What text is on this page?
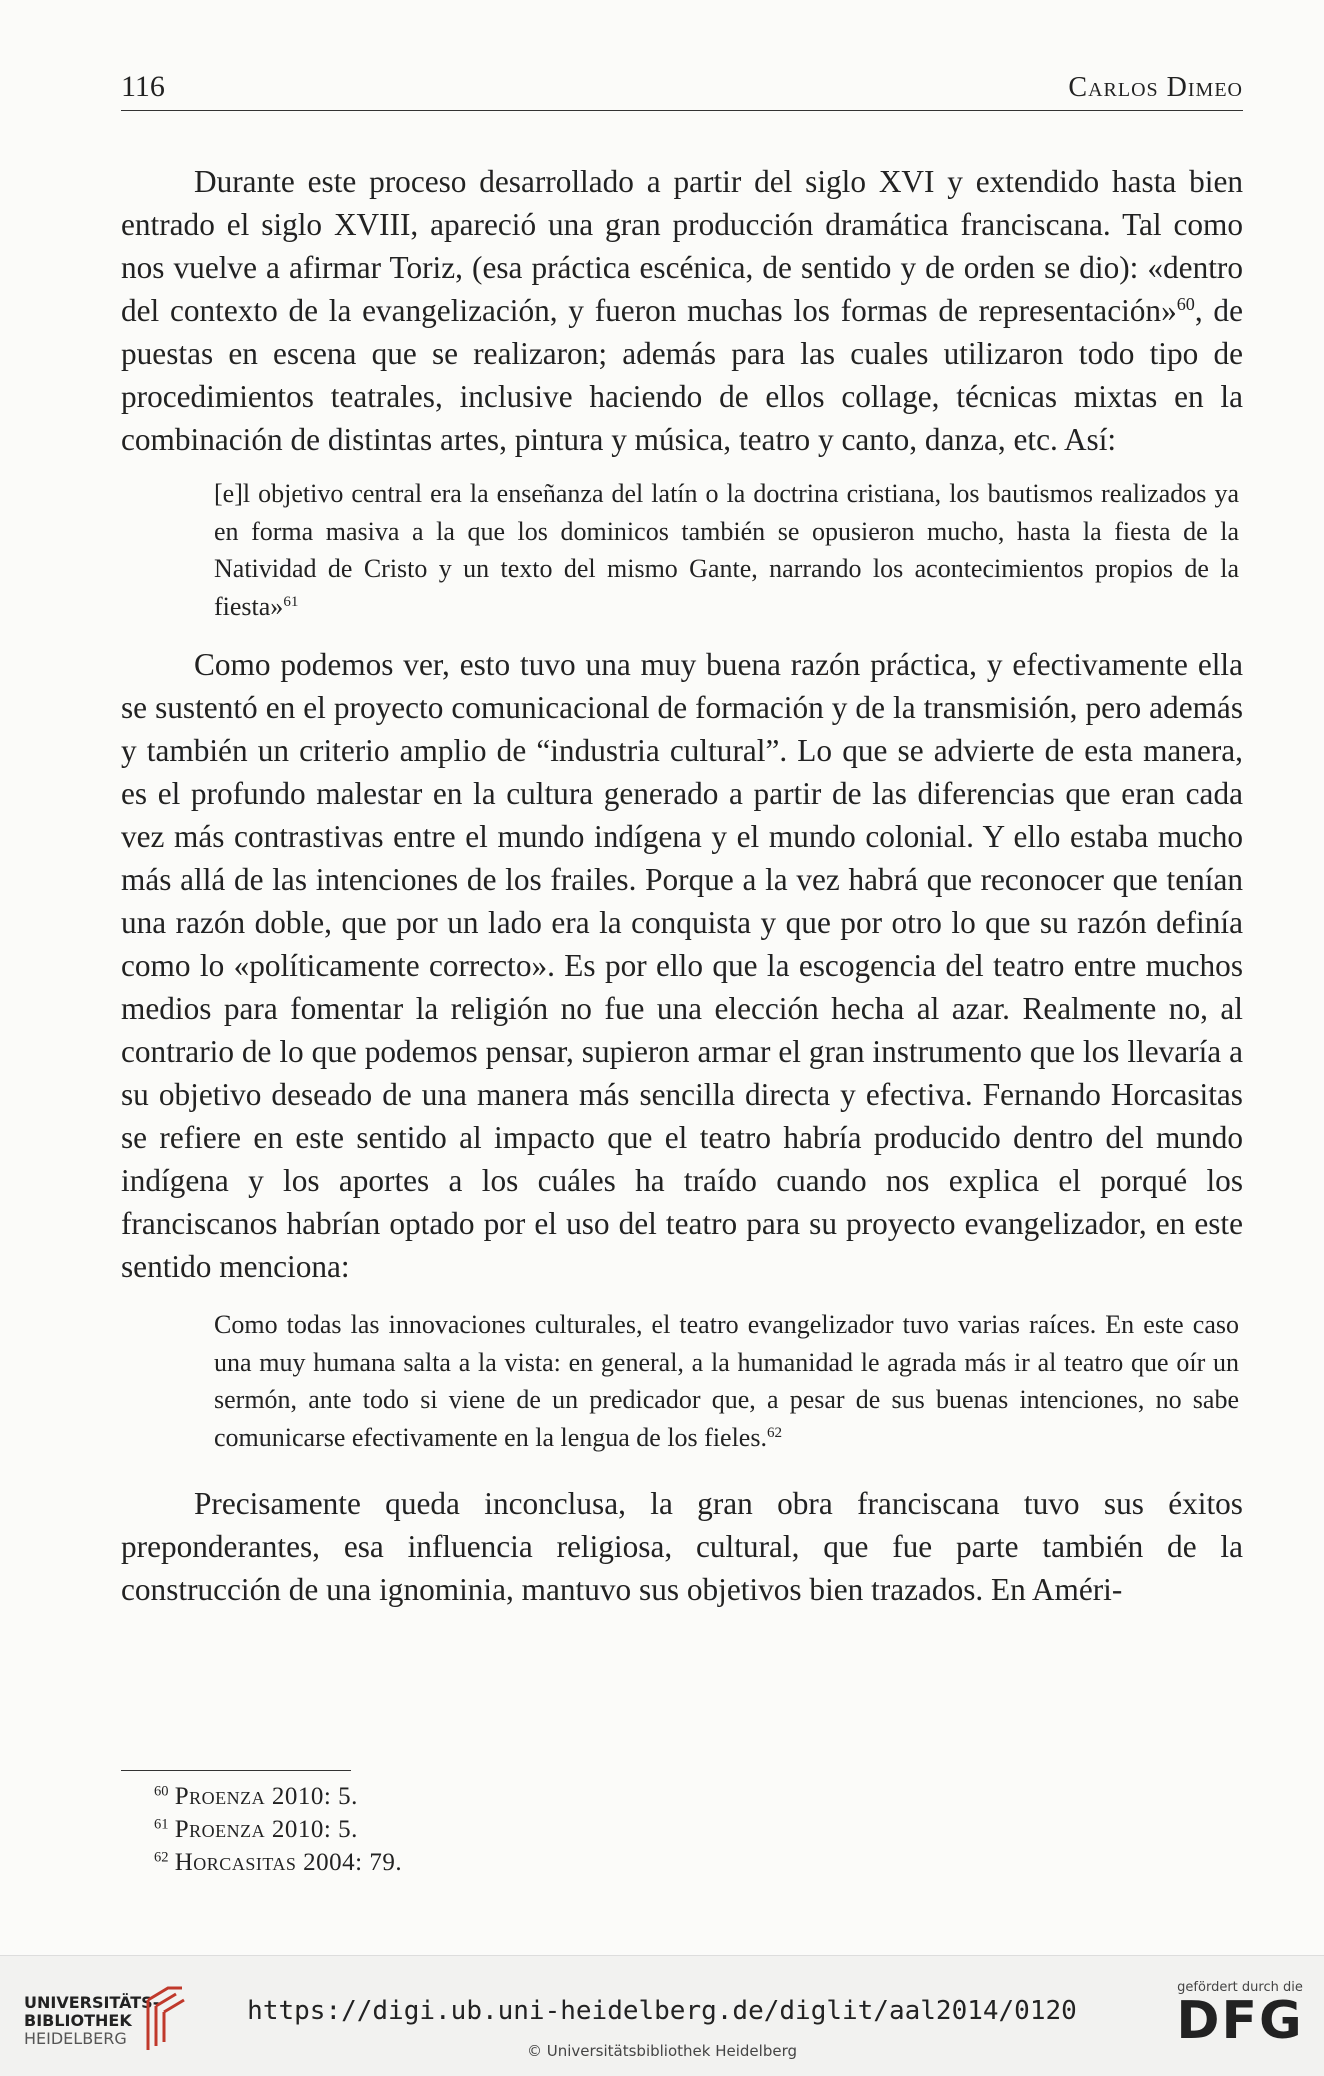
116	Carlos Dimeo

Durante este proceso desarrollado a partir del siglo XVI y extendido hasta bien entrado el siglo XVIII, apareció una gran producción dramática franciscana. Tal como nos vuelve a afirmar Toriz, (esa práctica escénica, de sentido y de orden se dio): «dentro del contexto de la evangelización, y fueron muchas los formas de representación»$^{60}$, de puestas en escena que se realizaron; además para las cuales utilizaron todo tipo de procedimientos teatrales, inclusive haciendo de ellos collage, técnicas mixtas en la combinación de distintas artes, pintura y música, teatro y canto, danza, etc. Así:

[e]l objetivo central era la enseñanza del latín o la doctrina cristiana, los bautismos realizados ya en forma masiva a la que los dominicos también se opusieron mucho, hasta la fiesta de la Natividad de Cristo y un texto del mismo Gante, narrando los acontecimientos propios de la fiesta»$^{61}$

Como podemos ver, esto tuvo una muy buena razón práctica, y efectivamente ella se sustentó en el proyecto comunicacional de formación y de la transmisión, pero además y también un criterio amplio de “industria cultural”. Lo que se advierte de esta manera, es el profundo malestar en la cultura generado a partir de las diferencias que eran cada vez más contrastivas entre el mundo indígena y el mundo colonial. Y ello estaba mucho más allá de las intenciones de los frailes. Porque a la vez habrá que reconocer que tenían una razón doble, que por un lado era la conquista y que por otro lo que su razón definía como lo «políticamente correcto». Es por ello que la escogencia del teatro entre muchos medios para fomentar la religión no fue una elección hecha al azar. Realmente no, al contrario de lo que podemos pensar, supieron armar el gran instrumento que los llevaría a su objetivo deseado de una manera más sencilla directa y efectiva. Fernando Horcasitas se refiere en este sentido al impacto que el teatro habría producido dentro del mundo indígena y los aportes a los cuáles ha traído cuando nos explica el porqué los franciscanos habrían optado por el uso del teatro para su proyecto evangelizador, en este sentido menciona:

Como todas las innovaciones culturales, el teatro evangelizador tuvo varias raíces. En este caso una muy humana salta a la vista: en general, a la humanidad le agrada más ir al teatro que oír un sermón, ante todo si viene de un predicador que, a pesar de sus buenas intenciones, no sabe comunicarse efectivamente en la lengua de los fieles.$^{62}$

Precisamente queda inconclusa, la gran obra franciscana tuvo sus éxitos preponderantes, esa influencia religiosa, cultural, que fue parte también de la construcción de una ignominia, mantuvo sus objetivos bien trazados. En Améri-

$^{60}$ Proenza 2010: 5.
$^{61}$ Proenza 2010: 5.
$^{62}$ Horcasitas 2004: 79.
UNIVERSITÄTS-
BIBLIOTHEK
HEIDELBERG
https://digi.ub.uni-heidelberg.de/diglit/aal2014/0120
© Universitätsbibliothek Heidelberg
gefördert durch die
DFG
